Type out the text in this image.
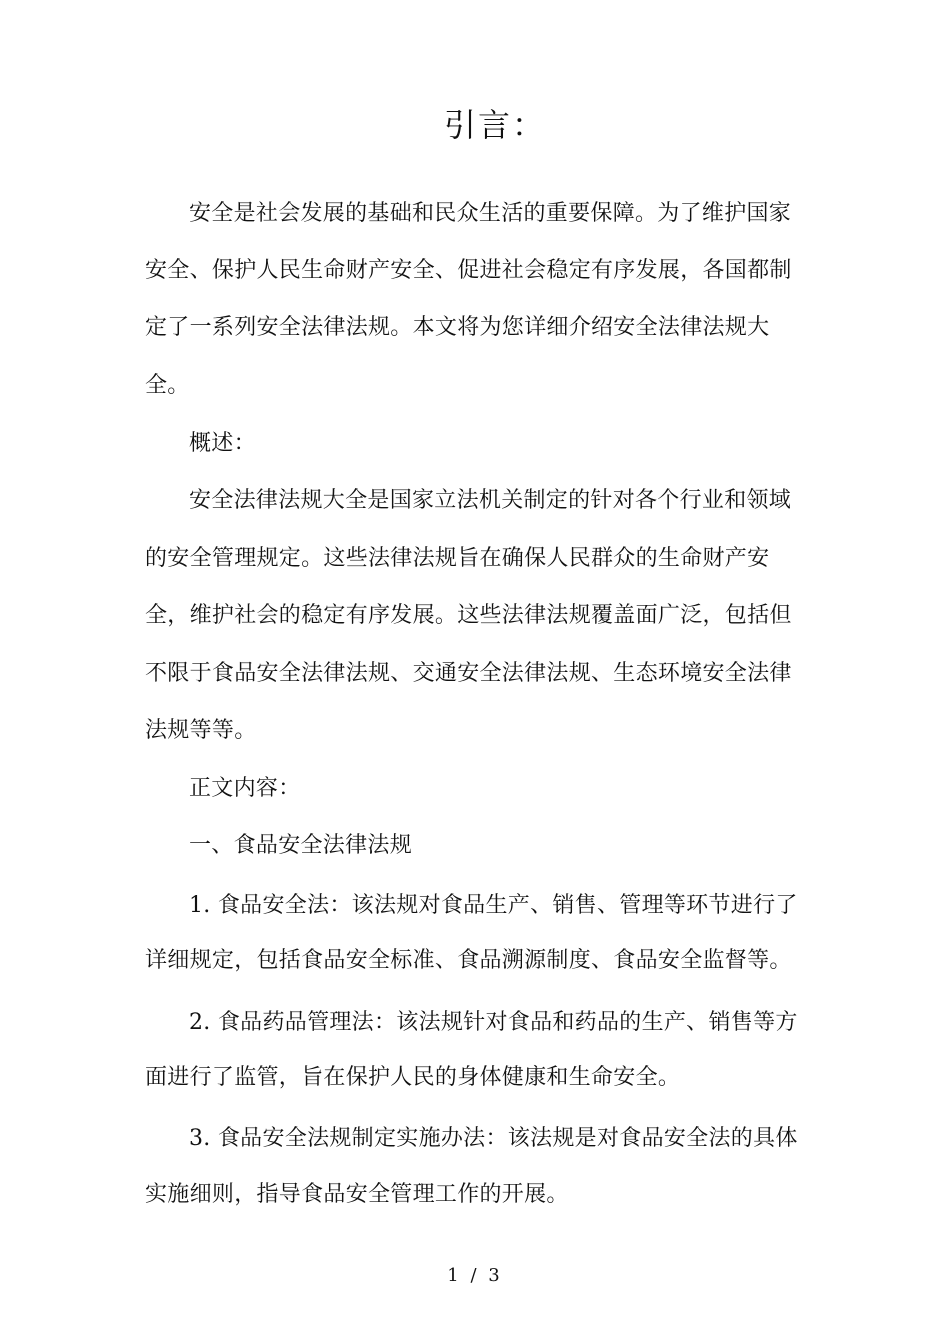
引言：
安全是社会发展的基础和民众生活的重要保障。为了维护国家
安全、保护人民生命财产安全、促进社会稳定有序发展，各国都制
定了一系列安全法律法规。本文将为您详细介绍安全法律法规大
全。
概述：
安全法律法规大全是国家立法机关制定的针对各个行业和领域
的安全管理规定。这些法律法规旨在确保人民群众的生命财产安
全，维护社会的稳定有序发展。这些法律法规覆盖面广泛，包括但
不限于食品安全法律法规、交通安全法律法规、生态环境安全法律
法规等等。
正文内容：
一、食品安全法律法规
1. 食品安全法：该法规对食品生产、销售、管理等环节进行了
详细规定，包括食品安全标准、食品溯源制度、食品安全监督等。
2. 食品药品管理法：该法规针对食品和药品的生产、销售等方
面进行了监管，旨在保护人民的身体健康和生命安全。
3. 食品安全法规制定实施办法：该法规是对食品安全法的具体
实施细则，指导食品安全管理工作的开展。
1 / 3
